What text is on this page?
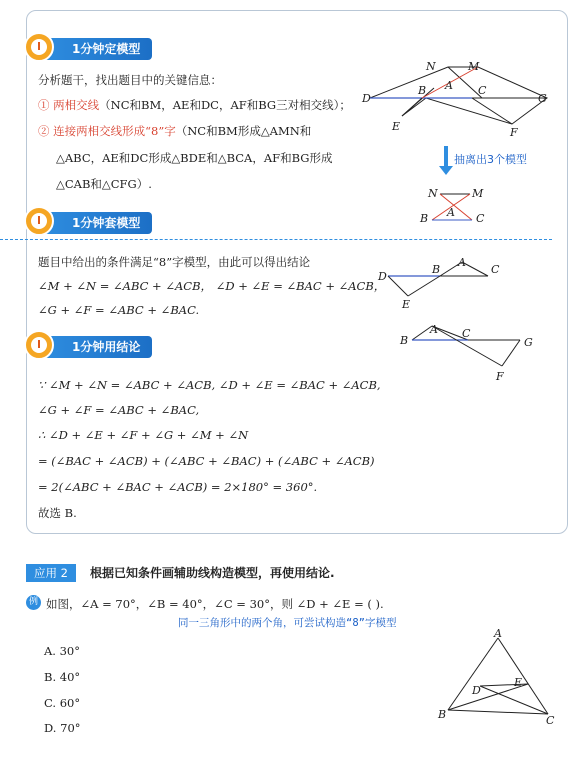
1分钟定模型
分析题干，找出题目中的关键信息：
① 两相交线（NC和BM，AE和DC，AF和BG三对相交线）；
② 连接两相交线形成“8”字（NC和BM形成△AMN和
△ABC，AE和DC形成△BDE和△BCA，AF和BG形成
△CAB和△CFG）.
N	M
A
D
B	C
G
E	F
抽离出3个模型
N	M
A
B	C
1分钟套模型
题目中给出的条件满足“8”字模型，由此可以得出结论
∠M + ∠N = ∠ABC + ∠ACB， ∠D + ∠E = ∠BAC + ∠ACB，
∠G + ∠F = ∠ABC + ∠BAC.
D
B
A
C
E
B
A C
G
F
1分钟用结论
∵ ∠M + ∠N = ∠ABC + ∠ACB, ∠D + ∠E = ∠BAC + ∠ACB,
∠G + ∠F = ∠ABC + ∠BAC,
∴ ∠D + ∠E + ∠F + ∠G + ∠M + ∠N
= (∠BAC + ∠ACB) + (∠ABC + ∠BAC) + (∠ABC + ∠ACB)
= 2(∠ABC + ∠BAC + ∠ACB) = 2×180° = 360°.
故选 B.
应用 2	根据已知条件画辅助线构造模型，再使用结论.
例 如图，∠A = 70°，∠B = 40°，∠C = 30°，则 ∠D + ∠E = ( ).
同一三角形中的两个角，可尝试构造“8”字模型
A. 30°
B. 40°
C. 60°
D. 70°
A
D
E
B	C
